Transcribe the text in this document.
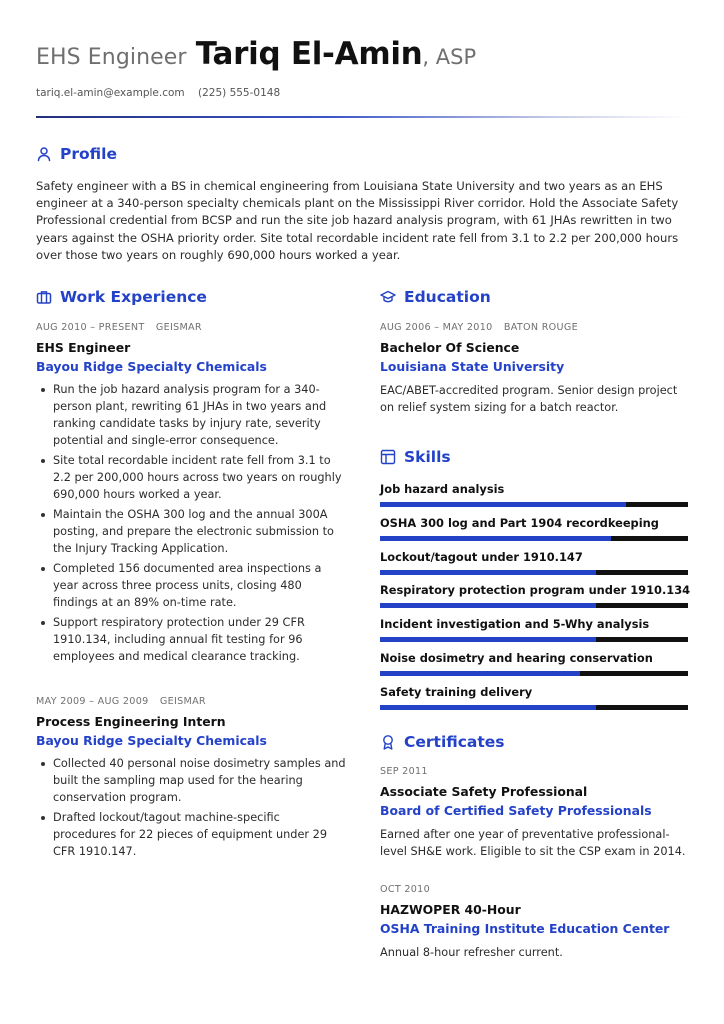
EHS Engineer Tariq El-Amin, ASP
tariq.el-amin@example.com (225) 555-0148
Profile
Safety engineer with a BS in chemical engineering from Louisiana State University and two years as an EHS engineer at a 340-person specialty chemicals plant on the Mississippi River corridor. Hold the Associate Safety Professional credential from BCSP and run the site job hazard analysis program, with 61 JHAs rewritten in two years against the OSHA priority order. Site total recordable incident rate fell from 3.1 to 2.2 per 200,000 hours over those two years on roughly 690,000 hours worked a year.
Work Experience
AUG 2010 – PRESENT GEISMAR
EHS Engineer
Bayou Ridge Specialty Chemicals
Run the job hazard analysis program for a 340-person plant, rewriting 61 JHAs in two years and ranking candidate tasks by injury rate, severity potential and single-error consequence.
Site total recordable incident rate fell from 3.1 to 2.2 per 200,000 hours across two years on roughly 690,000 hours worked a year.
Maintain the OSHA 300 log and the annual 300A posting, and prepare the electronic submission to the Injury Tracking Application.
Completed 156 documented area inspections a year across three process units, closing 480 findings at an 89% on-time rate.
Support respiratory protection under 29 CFR 1910.134, including annual fit testing for 96 employees and medical clearance tracking.
MAY 2009 – AUG 2009 GEISMAR
Process Engineering Intern
Bayou Ridge Specialty Chemicals
Collected 40 personal noise dosimetry samples and built the sampling map used for the hearing conservation program.
Drafted lockout/tagout machine-specific procedures for 22 pieces of equipment under 29 CFR 1910.147.
Education
AUG 2006 – MAY 2010 BATON ROUGE
Bachelor Of Science
Louisiana State University
EAC/ABET-accredited program. Senior design project on relief system sizing for a batch reactor.
Skills
Job hazard analysis
OSHA 300 log and Part 1904 recordkeeping
Lockout/tagout under 1910.147
Respiratory protection program under 1910.134
Incident investigation and 5-Why analysis
Noise dosimetry and hearing conservation
Safety training delivery
Certificates
SEP 2011
Associate Safety Professional
Board of Certified Safety Professionals
Earned after one year of preventative professional-level SH&E work. Eligible to sit the CSP exam in 2014.
OCT 2010
HAZWOPER 40-Hour
OSHA Training Institute Education Center
Annual 8-hour refresher current.
